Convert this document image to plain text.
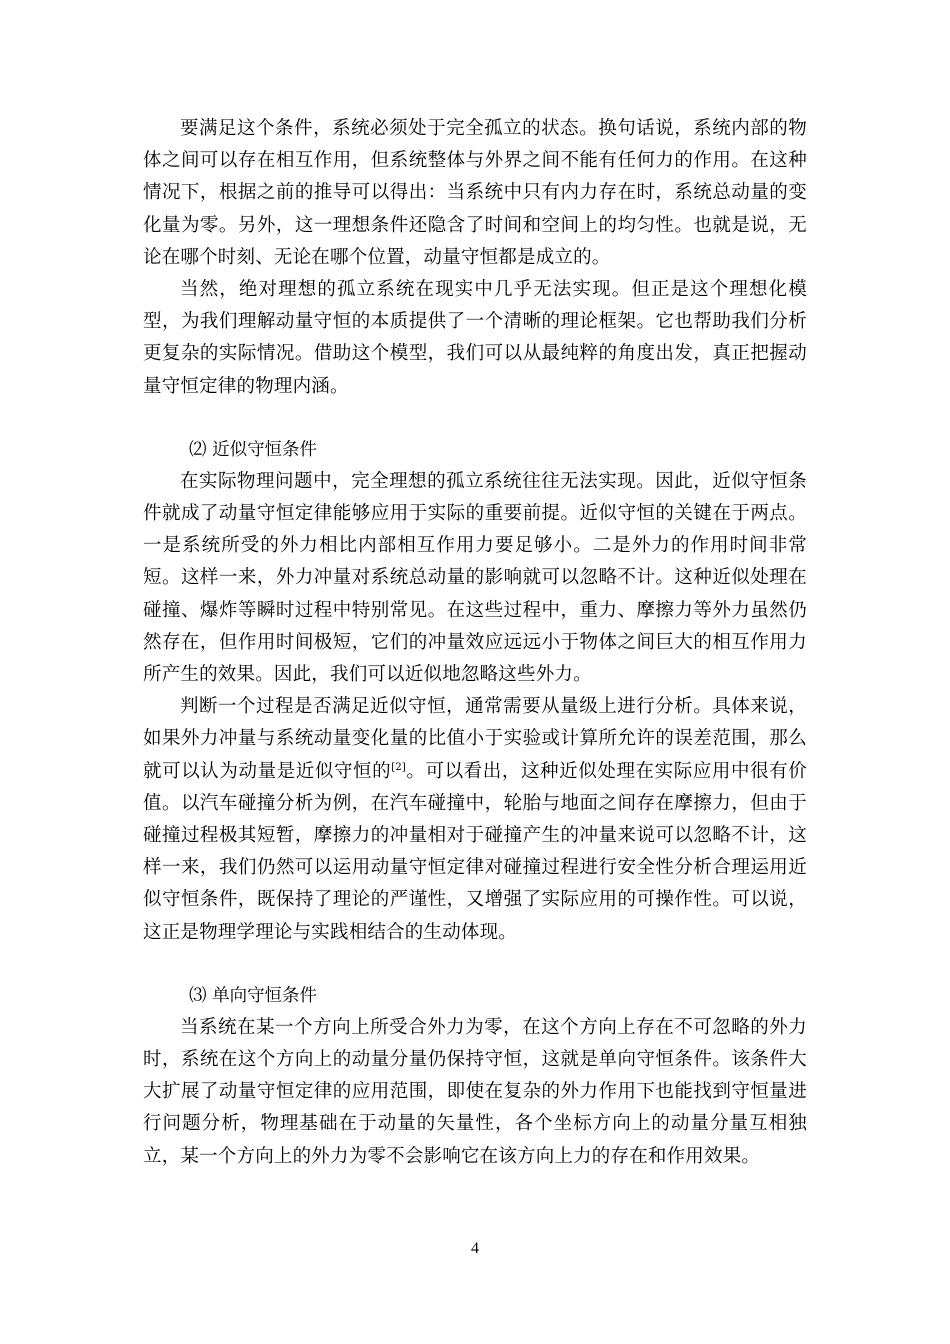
要满足这个条件，系统必须处于完全孤立的状态。换句话说，系统内部的物体之间可以存在相互作用，但系统整体与外界之间不能有任何力的作用。在这种情况下，根据之前的推导可以得出：当系统中只有内力存在时，系统总动量的变化量为零。另外，这一理想条件还隐含了时间和空间上的均匀性。也就是说，无论在哪个时刻、无论在哪个位置，动量守恒都是成立的。

当然，绝对理想的孤立系统在现实中几乎无法实现。但正是这个理想化模型，为我们理解动量守恒的本质提供了一个清晰的理论框架。它也帮助我们分析更复杂的实际情况。借助这个模型，我们可以从最纯粹的角度出发，真正把握动量守恒定律的物理内涵。

⑵ 近似守恒条件

在实际物理问题中，完全理想的孤立系统往往无法实现。因此，近似守恒条件就成了动量守恒定律能够应用于实际的重要前提。近似守恒的关键在于两点。一是系统所受的外力相比内部相互作用力要足够小。二是外力的作用时间非常短。这样一来，外力冲量对系统总动量的影响就可以忽略不计。这种近似处理在碰撞、爆炸等瞬时过程中特别常见。在这些过程中，重力、摩擦力等外力虽然仍然存在，但作用时间极短，它们的冲量效应远远小于物体之间巨大的相互作用力所产生的效果。因此，我们可以近似地忽略这些外力。

判断一个过程是否满足近似守恒，通常需要从量级上进行分析。具体来说，如果外力冲量与系统动量变化量的比值小于实验或计算所允许的误差范围，那么就可以认为动量是近似守恒的[2]。可以看出，这种近似处理在实际应用中很有价值。以汽车碰撞分析为例，在汽车碰撞中，轮胎与地面之间存在摩擦力，但由于碰撞过程极其短暂，摩擦力的冲量相对于碰撞产生的冲量来说可以忽略不计，这样一来，我们仍然可以运用动量守恒定律对碰撞过程进行安全性分析合理运用近似守恒条件，既保持了理论的严谨性，又增强了实际应用的可操作性。可以说，这正是物理学理论与实践相结合的生动体现。

⑶ 单向守恒条件

当系统在某一个方向上所受合外力为零，在这个方向上存在不可忽略的外力时，系统在这个方向上的动量分量仍保持守恒，这就是单向守恒条件。该条件大大扩展了动量守恒定律的应用范围，即使在复杂的外力作用下也能找到守恒量进行问题分析，物理基础在于动量的矢量性，各个坐标方向上的动量分量互相独立，某一个方向上的外力为零不会影响它在该方向上力的存在和作用效果。

4
